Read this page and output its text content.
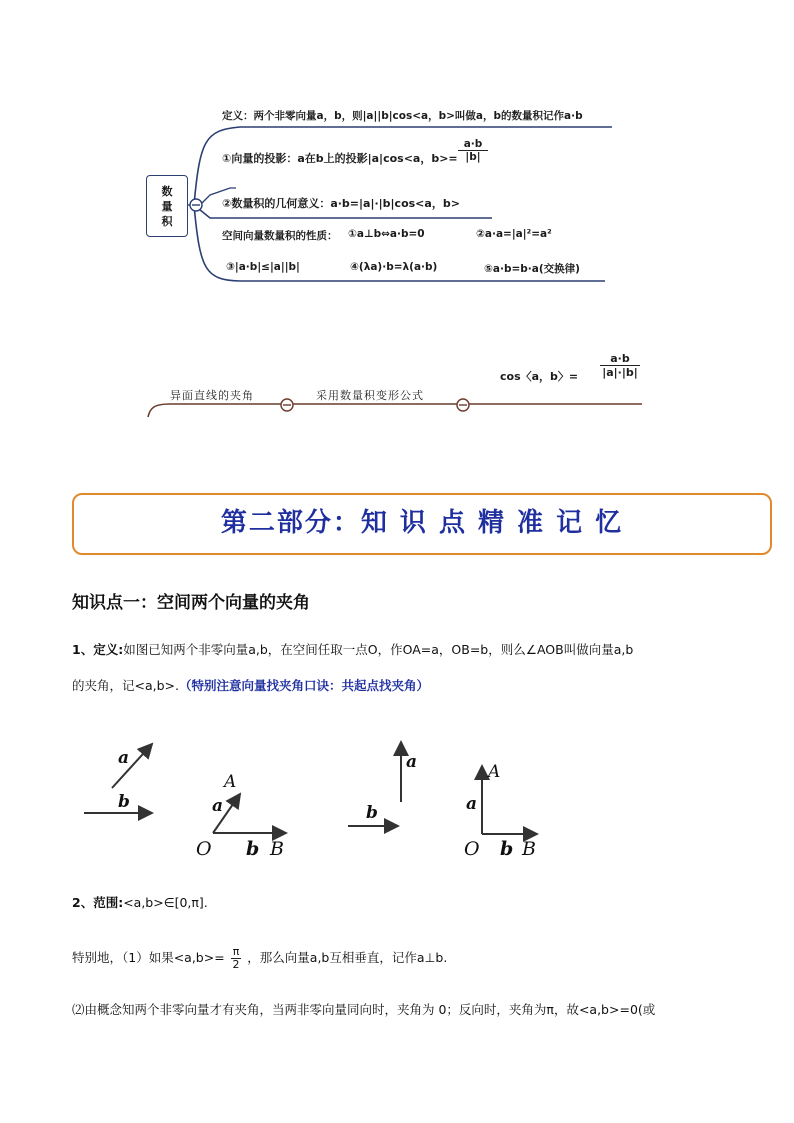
数
量
积
定义：两个非零向量a，b，则|a||b|cos<a，b>叫做a，b的数量积记作a·b
①向量的投影：a在b上的投影|a|cos<a，$b>= \frac{a\cdot b}{|b|}$
②数量积的几何意义：a·b=|a|·|b|cos<a，b>
空间向量数量积的性质： ①a⊥b⇔a·b=0	②a·a=|a|²=a²
③|a·b|≤|a||b|	④(λa)·b=λ(a·b)	⑤a·b=b·a(交换律)
异面直线的夹角	采用数量积变形公式
cos〈a，b〉= $\frac{a\cdot b}{|a|\cdot|b|}$
第二部分：知 识 点 精 准 记 忆
知识点一：空间两个向量的夹角
1、定义:如图已知两个非零向量a,b，在空间任取一点O，作OA=a，OB=b，则么∠AOB叫做向量a,b
的夹角，记<a,b>.（特别注意向量找夹角口诀：共起点找夹角）
a
b
A
a
O b B
a
b
A
a
O b B
2、范围:<a,b>∈[0,π].
特别地，（1）如果$<a,b>= \frac{\pi}{2}$ ，那么向量a,b互相垂直，记作a⊥b.
⑵由概念知两个非零向量才有夹角，当两非零向量同向时，夹角为 0；反向时，夹角为π，故<a,b>=0(或
